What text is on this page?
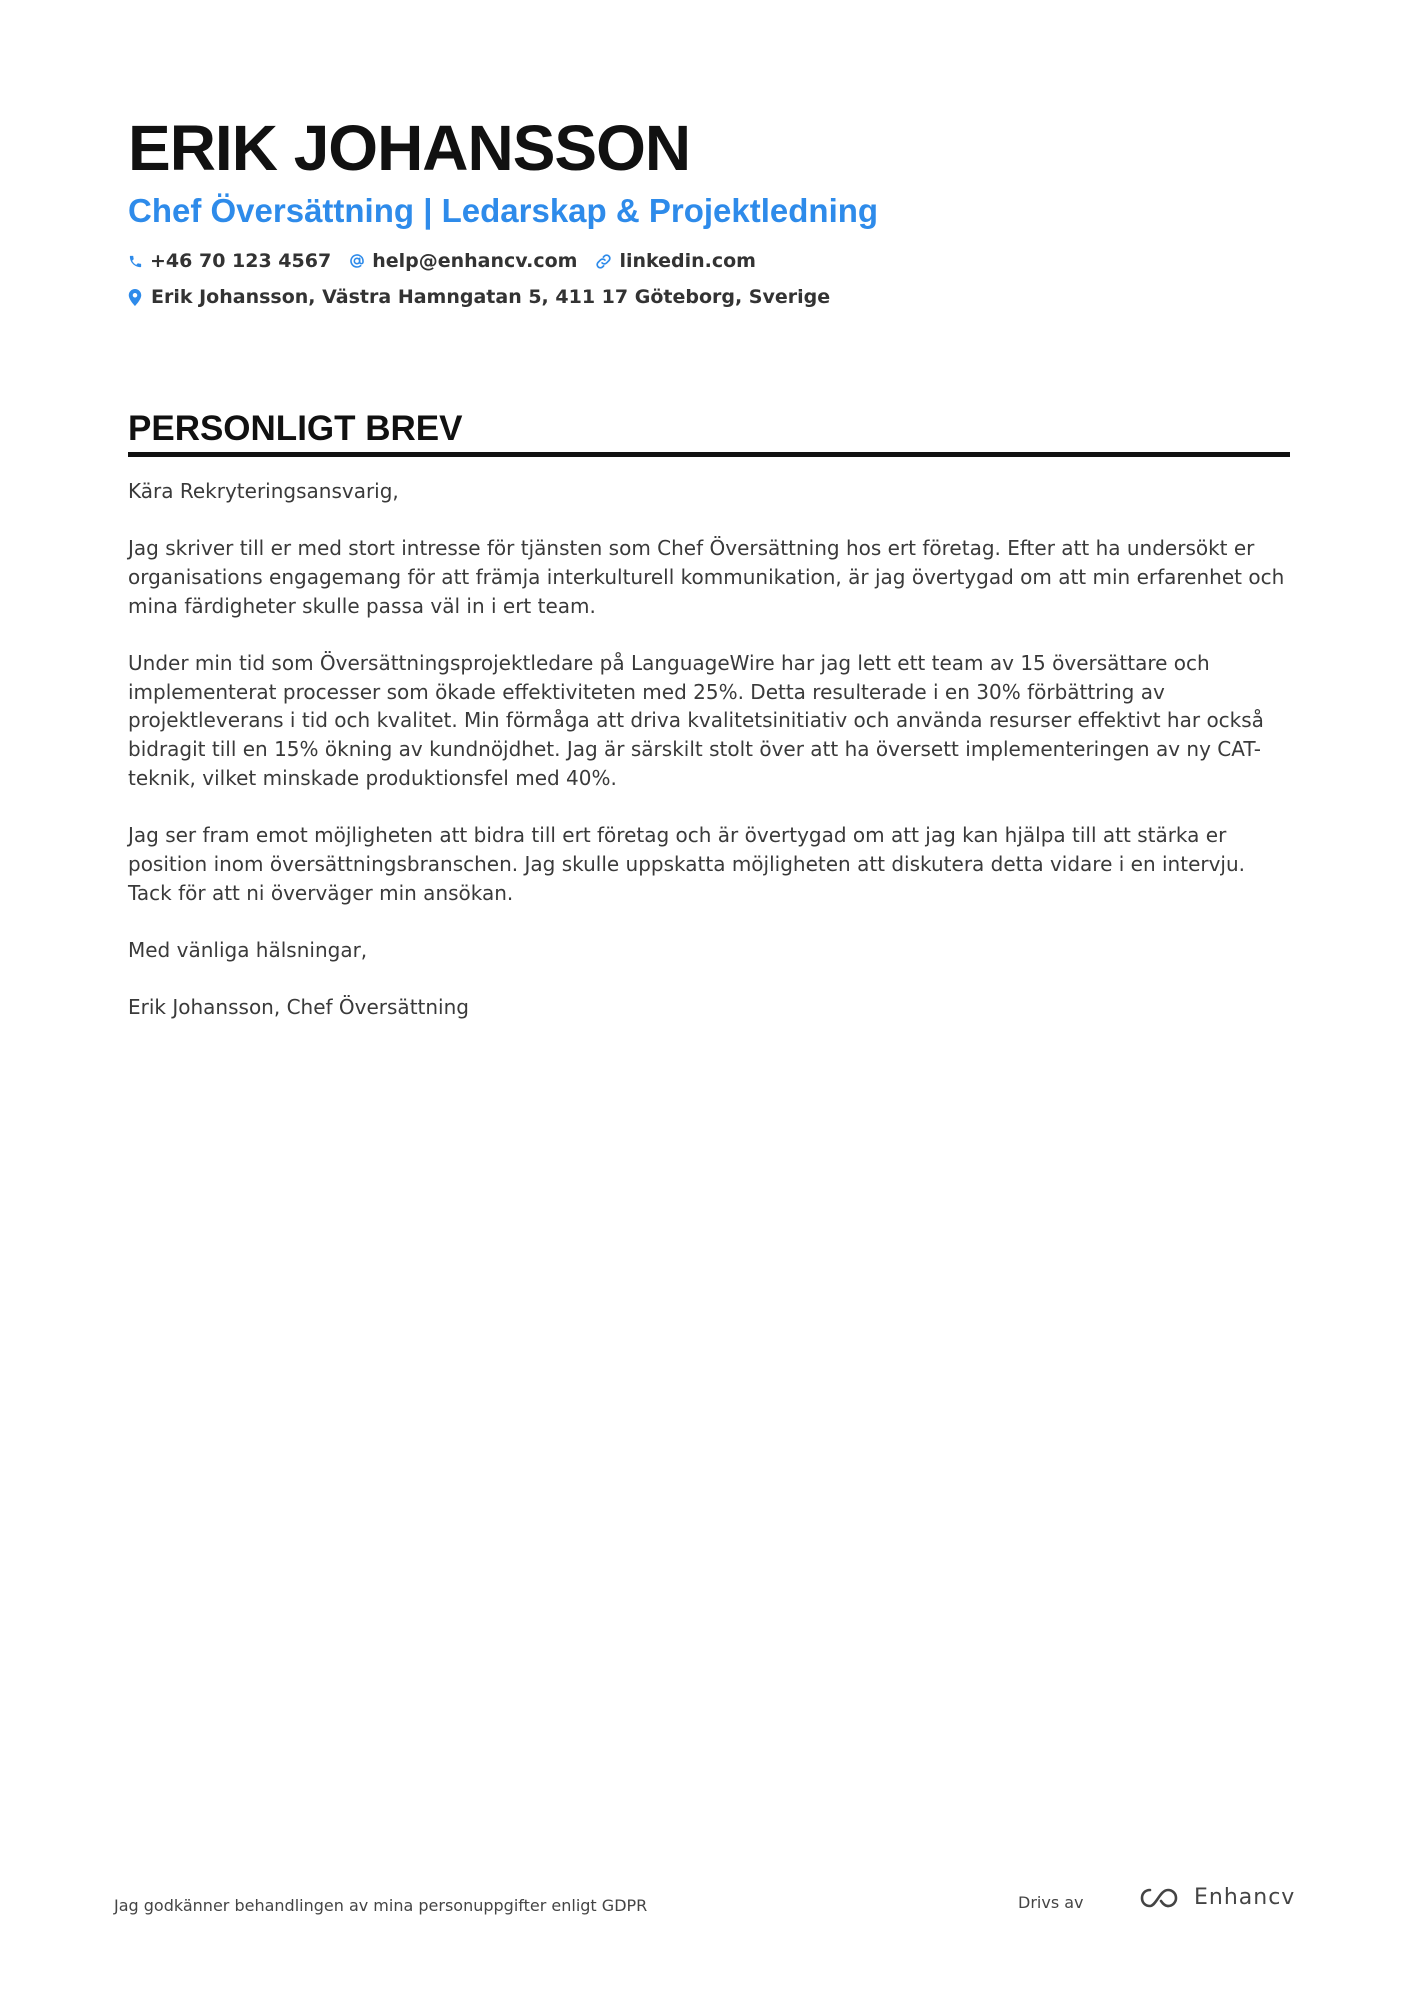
ERIK JOHANSSON
Chef Översättning | Ledarskap & Projektledning
+46 70 123 4567 help@enhancv.com linkedin.com
Erik Johansson, Västra Hamngatan 5, 411 17 Göteborg, Sverige
PERSONLIGT BREV

Kära Rekryteringsansvarig,

Jag skriver till er med stort intresse för tjänsten som Chef Översättning hos ert företag. Efter att ha undersökt er organisations engagemang för att främja interkulturell kommunikation, är jag övertygad om att min erfarenhet och mina färdigheter skulle passa väl in i ert team.

Under min tid som Översättningsprojektledare på LanguageWire har jag lett ett team av 15 översättare och implementerat processer som ökade effektiviteten med 25%. Detta resulterade i en 30% förbättring av projektleverans i tid och kvalitet. Min förmåga att driva kvalitetsinitiativ och använda resurser effektivt har också bidragit till en 15% ökning av kundnöjdhet. Jag är särskilt stolt över att ha översett implementeringen av ny CAT-teknik, vilket minskade produktionsfel med 40%.

Jag ser fram emot möjligheten att bidra till ert företag och är övertygad om att jag kan hjälpa till att stärka er position inom översättningsbranschen. Jag skulle uppskatta möjligheten att diskutera detta vidare i en intervju. Tack för att ni överväger min ansökan.

Med vänliga hälsningar,

Erik Johansson, Chef Översättning

Jag godkänner behandlingen av mina personuppgifter enligt GDPR	Drivs av	Enhancv
